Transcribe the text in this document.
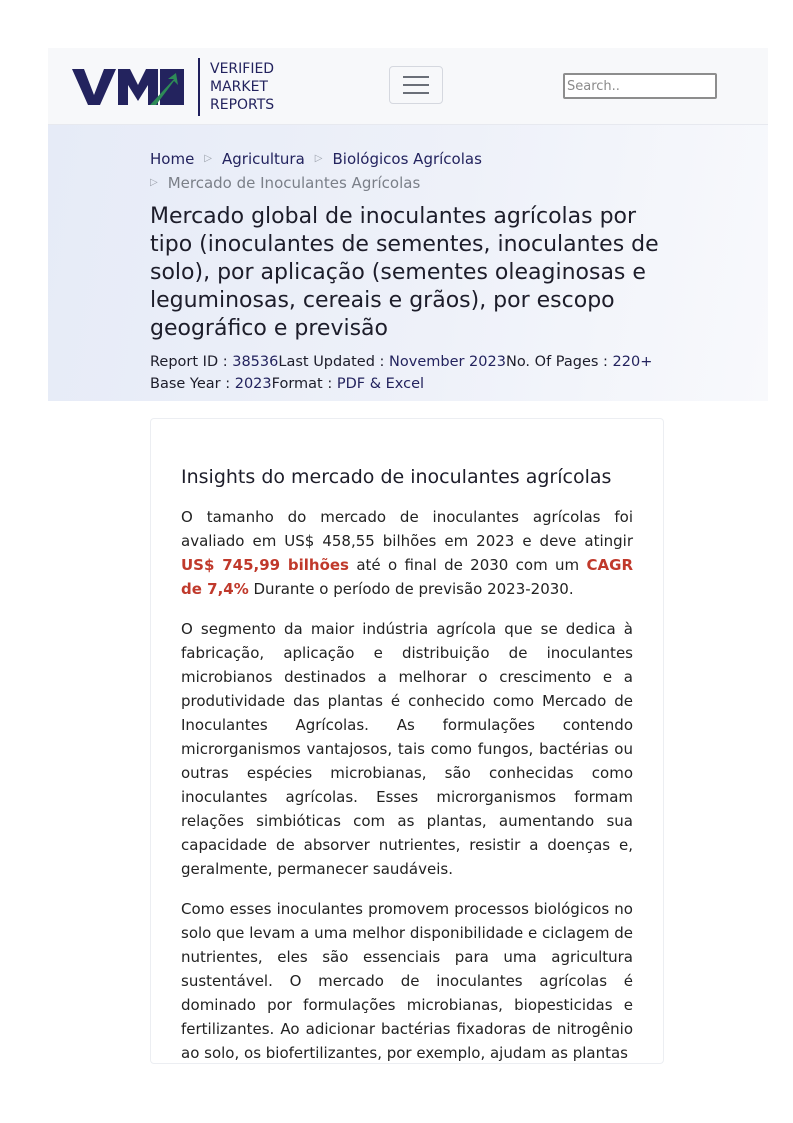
VERIFIED
MARKET
REPORTS
Search..
Home ▷ Agricultura ▷ Biológicos Agrícolas
▷ Mercado de Inoculantes Agrícolas
Mercado global de inoculantes agrícolas por tipo (inoculantes de sementes, inoculantes de solo), por aplicação (sementes oleaginosas e leguminosas, cereais e grãos), por escopo geográfico e previsão
Report ID : 38536Last Updated : November 2023No. Of Pages : 220+
Base Year : 2023Format : PDF & Excel
Insights do mercado de inoculantes agrícolas

O tamanho do mercado de inoculantes agrícolas foi avaliado em US$ 458,55 bilhões em 2023 e deve atingir US$ 745,99 bilhões até o final de 2030 com um CAGR de 7,4% Durante o período de previsão 2023-2030.

O segmento da maior indústria agrícola que se dedica à fabricação, aplicação e distribuição de inoculantes microbianos destinados a melhorar o crescimento e a produtividade das plantas é conhecido como Mercado de Inoculantes Agrícolas. As formulações contendo microrganismos vantajosos, tais como fungos, bactérias ou outras espécies microbianas, são conhecidas como inoculantes agrícolas. Esses microrganismos formam relações simbióticas com as plantas, aumentando sua capacidade de absorver nutrientes, resistir a doenças e, geralmente, permanecer saudáveis.

Como esses inoculantes promovem processos biológicos no solo que levam a uma melhor disponibilidade e ciclagem de nutrientes, eles são essenciais para uma agricultura sustentável. O mercado de inoculantes agrícolas é dominado por formulações microbianas, biopesticidas e fertilizantes. Ao adicionar bactérias fixadoras de nitrogênio ao solo, os biofertilizantes, por exemplo, ajudam as plantas
